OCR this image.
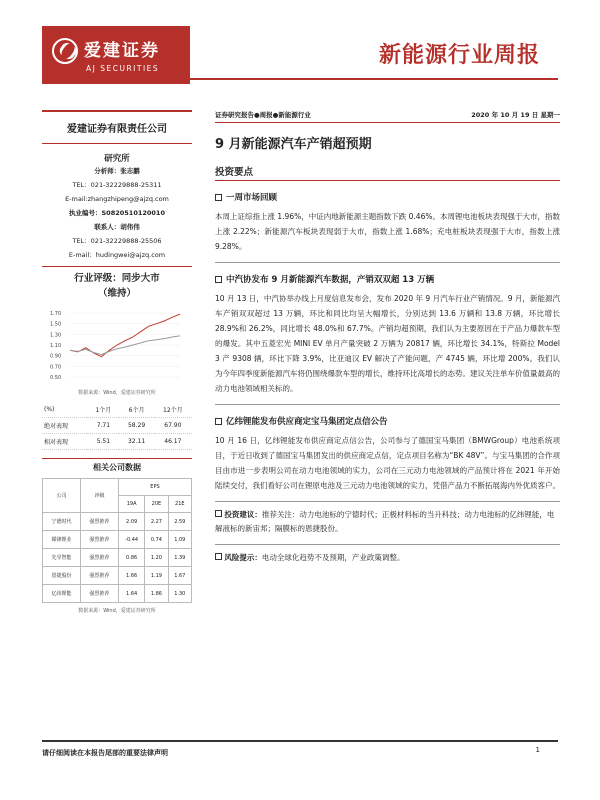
爱建证券
AJ SECURITIES
新能源行业周报
爱建证券有限责任公司
研究所
分析师：张志鹏
TEL：021-32229888-25311
E-mail:zhangzhipeng@ajzq.com
执业编号：S0820510120010
联系人：胡伟伟
TEL：021-32229888-25506
E-mail：hudingwei@ajzq.com
行业评级：同步大市
（维持）
1.70
1.50
1.30
1.10
0.90
0.70
0.50
数据来源：Wind，爱建证券研究所
(%)	1个月	6个月	12个月
绝对表现	7.71	58.29	67.90
相对表现	5.51	32.11	46.17
相关公司数据
公司	评级	EPS		
		19A	20E	21E
宁德时代	强烈推荐	2.09	2.27	2.59
赣锋锂业	强烈推荐	-0.44	0.74	1.09
先导智能	强烈推荐	0.86	1.20	1.39
恩捷股份	强烈推荐	1.66	1.19	1.67
亿纬锂能	强烈推荐	1.64	1.86	1.30
数据来源：Wind，爱建证券研究所
证券研究报告●周报●新能源行业	2020 年 10 月 19 日 星期一
9 月新能源汽车产销超预期
投资要点
一周市场回顾
本周上证综指上涨 1.96%，中证内地新能源主题指数下跌 0.46%。本周锂电池板块表现强于大市，指数上涨 2.22%；新能源汽车板块表现弱于大市，指数上涨 1.68%；充电桩板块表现强于大市，指数上涨 9.28%。
中汽协发布 9 月新能源汽车数据，产销双双超 13 万辆
10 月 13 日，中汽协举办线上月度信息发布会，发布 2020 年 9 月汽车行业产销情况。9 月，新能源汽车产销双双超过 13 万辆，环比和同比均呈大幅增长，分别达到 13.6 万辆和 13.8 万辆，环比增长 28.9%和 26.2%，同比增长 48.0%和 67.7%。产销均超预期，我们认为主要原因在于产品力爆款车型的爆发。其中五菱宏光 MINI EV 单月产量突破 2 万辆为 20817 辆，环比增长 34.1%，特斯拉 Model 3 产 9308 辆，环比下降 3.9%，比亚迪汉 EV 解决了产能问题，产 4745 辆，环比增 200%。我们认为今年四季度新能源汽车将仍围绕爆款车型的增长，维持环比高增长的态势。建议关注单车价值量最高的动力电池领域相关标的。
亿纬锂能发布供应商定宝马集团定点信公告
10 月 16 日，亿纬锂能发布供应商定点信公告，公司参与了德国宝马集团（BMWGroup）电池系统项目，于近日收到了德国宝马集团发出的供应商定点信，定点项目名称为“BK 48V”。与宝马集团的合作项目由市进一步表明公司在动力电池领域的实力，公司在三元动力电池领域的产品预计将在 2021 年开始陆续交付，我们看好公司在锂原电池及三元动力电池领域的实力，凭借产品力不断拓展海内外优质客户。
投资建议：推荐关注：动力电池标的宁德时代；正极材料标的当升科技；动力电池标的亿纬锂能，电解液标的新宙邦；隔膜标的恩捷股份。
风险提示：电动全球化趋势不及预期，产业政策调整。
请仔细阅读在本报告尾部的重要法律声明	1
